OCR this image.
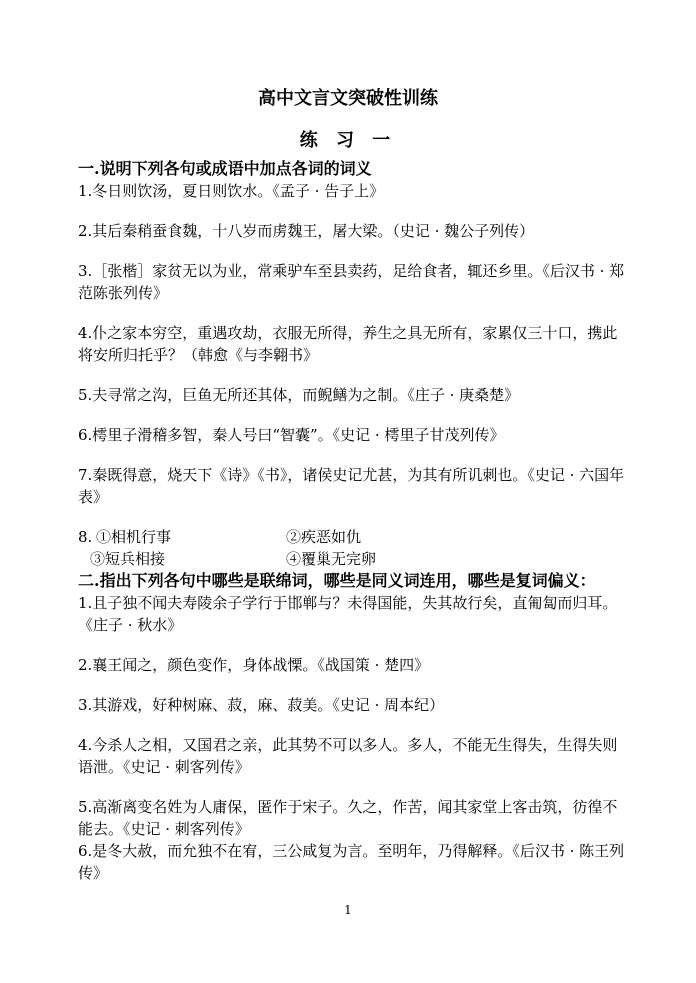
高中文言文突破性训练
练 习 一

一.说明下列各句或成语中加点各词的词义

1.冬日则饮汤，夏日则饮水。《孟子 · 告子上》

2.其后秦稍蚕食魏，十八岁而虏魏王，屠大梁。（史记 · 魏公子列传）

3.［张楷］家贫无以为业，常乘驴车至县卖药，足给食者，辄还乡里。《后汉书 · 郑范陈张列传》

4.仆之家本穷空，重遇攻劫，衣服无所得，养生之具无所有，家累仅三十口，携此将安所归托乎？（韩愈《与李翱书》

5.夫寻常之沟，巨鱼无所还其体，而鲵鳝为之制。《庄子 · 庚桑楚》

6.樗里子滑稽多智，秦人号曰“智囊”。《史记 · 樗里子甘茂列传》

7.秦既得意，烧天下《诗》《书》，诸侯史记尤甚，为其有所讥刺也。《史记 · 六国年表》

8. ①相机行事	②疾恶如仇
③短兵相接	④覆巢无完卵

二.指出下列各句中哪些是联绵词，哪些是同义词连用，哪些是复词偏义：

1.且子独不闻夫寿陵余子学行于邯郸与？未得国能，失其故行矣，直匍匐而归耳。《庄子 · 秋水》

2.襄王闻之，颜色变作，身体战慄。《战国策 · 楚四》

3.其游戏，好种树麻、菽，麻、菽美。《史记 · 周本纪）

4.今杀人之相，又国君之亲，此其势不可以多人。多人，不能无生得失，生得失则语泄。《史记 · 刺客列传》

5.高渐离变名姓为人庸保，匿作于宋子。久之，作苦，闻其家堂上客击筑，彷徨不能去。《史记 · 刺客列传》

6.是冬大赦，而允独不在宥，三公咸复为言。至明年，乃得解释。《后汉书 · 陈王列传》

1
